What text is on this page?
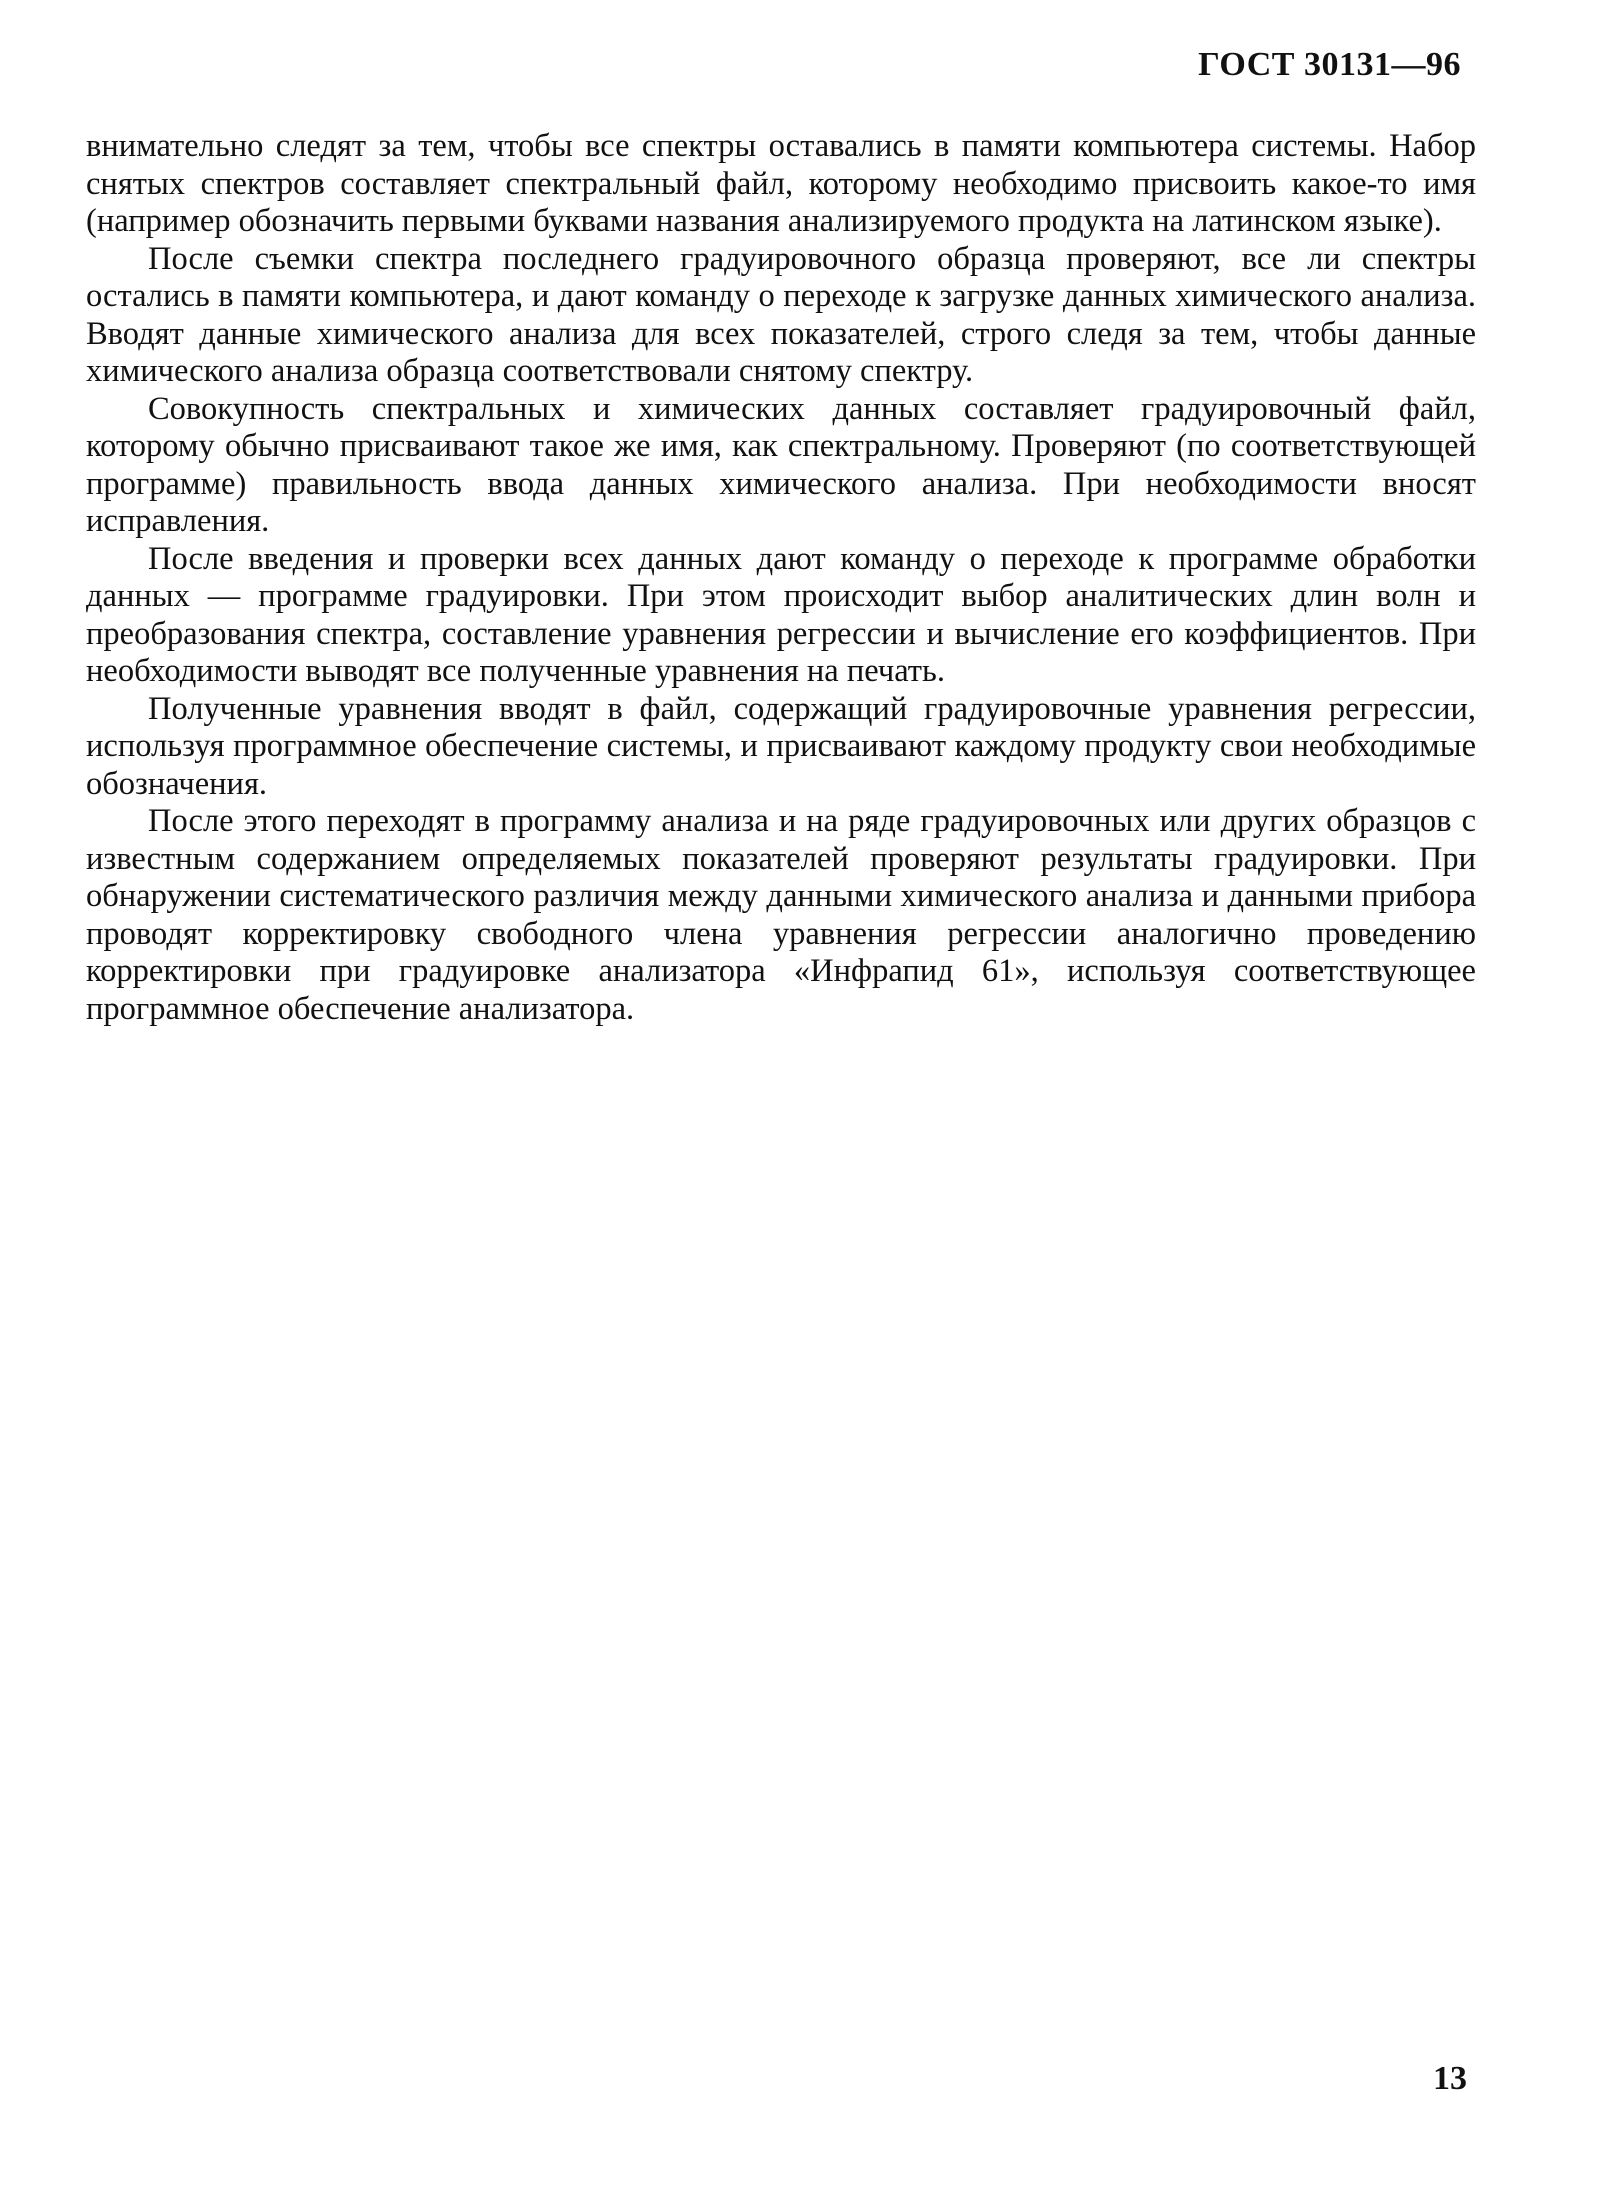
ГОСТ 30131—96

внимательно следят за тем, чтобы все спектры оставались в памяти компьютера системы. Набор снятых спектров составляет спектральный файл, которому необходимо присвоить какое-то имя (например обозначить первыми буквами названия анализируемого продукта на латинском языке).

После съемки спектра последнего градуировочного образца проверяют, все ли спектры остались в памяти компьютера, и дают команду о переходе к загрузке данных химического анализа. Вводят данные химического анализа для всех показателей, строго следя за тем, чтобы данные химического анализа образца соответствовали снятому спектру.

Совокупность спектральных и химических данных составляет градуировочный файл, которому обычно присваивают такое же имя, как спектральному. Проверяют (по соответствующей программе) правильность ввода данных химического анализа. При необходимости вносят исправления.

После введения и проверки всех данных дают команду о переходе к программе обработки данных — программе градуировки. При этом происходит выбор аналитических длин волн и преобразования спектра, составление уравнения регрессии и вычисление его коэффициентов. При необходимости выводят все полученные уравнения на печать.

Полученные уравнения вводят в файл, содержащий градуировочные уравнения регрессии, используя программное обеспечение системы, и присваивают каждому продукту свои необходимые обозначения.

После этого переходят в программу анализа и на ряде градуировочных или других образцов с известным содержанием определяемых показателей проверяют результаты градуировки. При обнаружении систематического различия между данными химического анализа и данными прибора проводят корректировку свободного члена уравнения регрессии аналогично проведению корректировки при градуировке анализатора «Инфрапид 61», используя соответствующее программное обеспечение анализатора.

13
